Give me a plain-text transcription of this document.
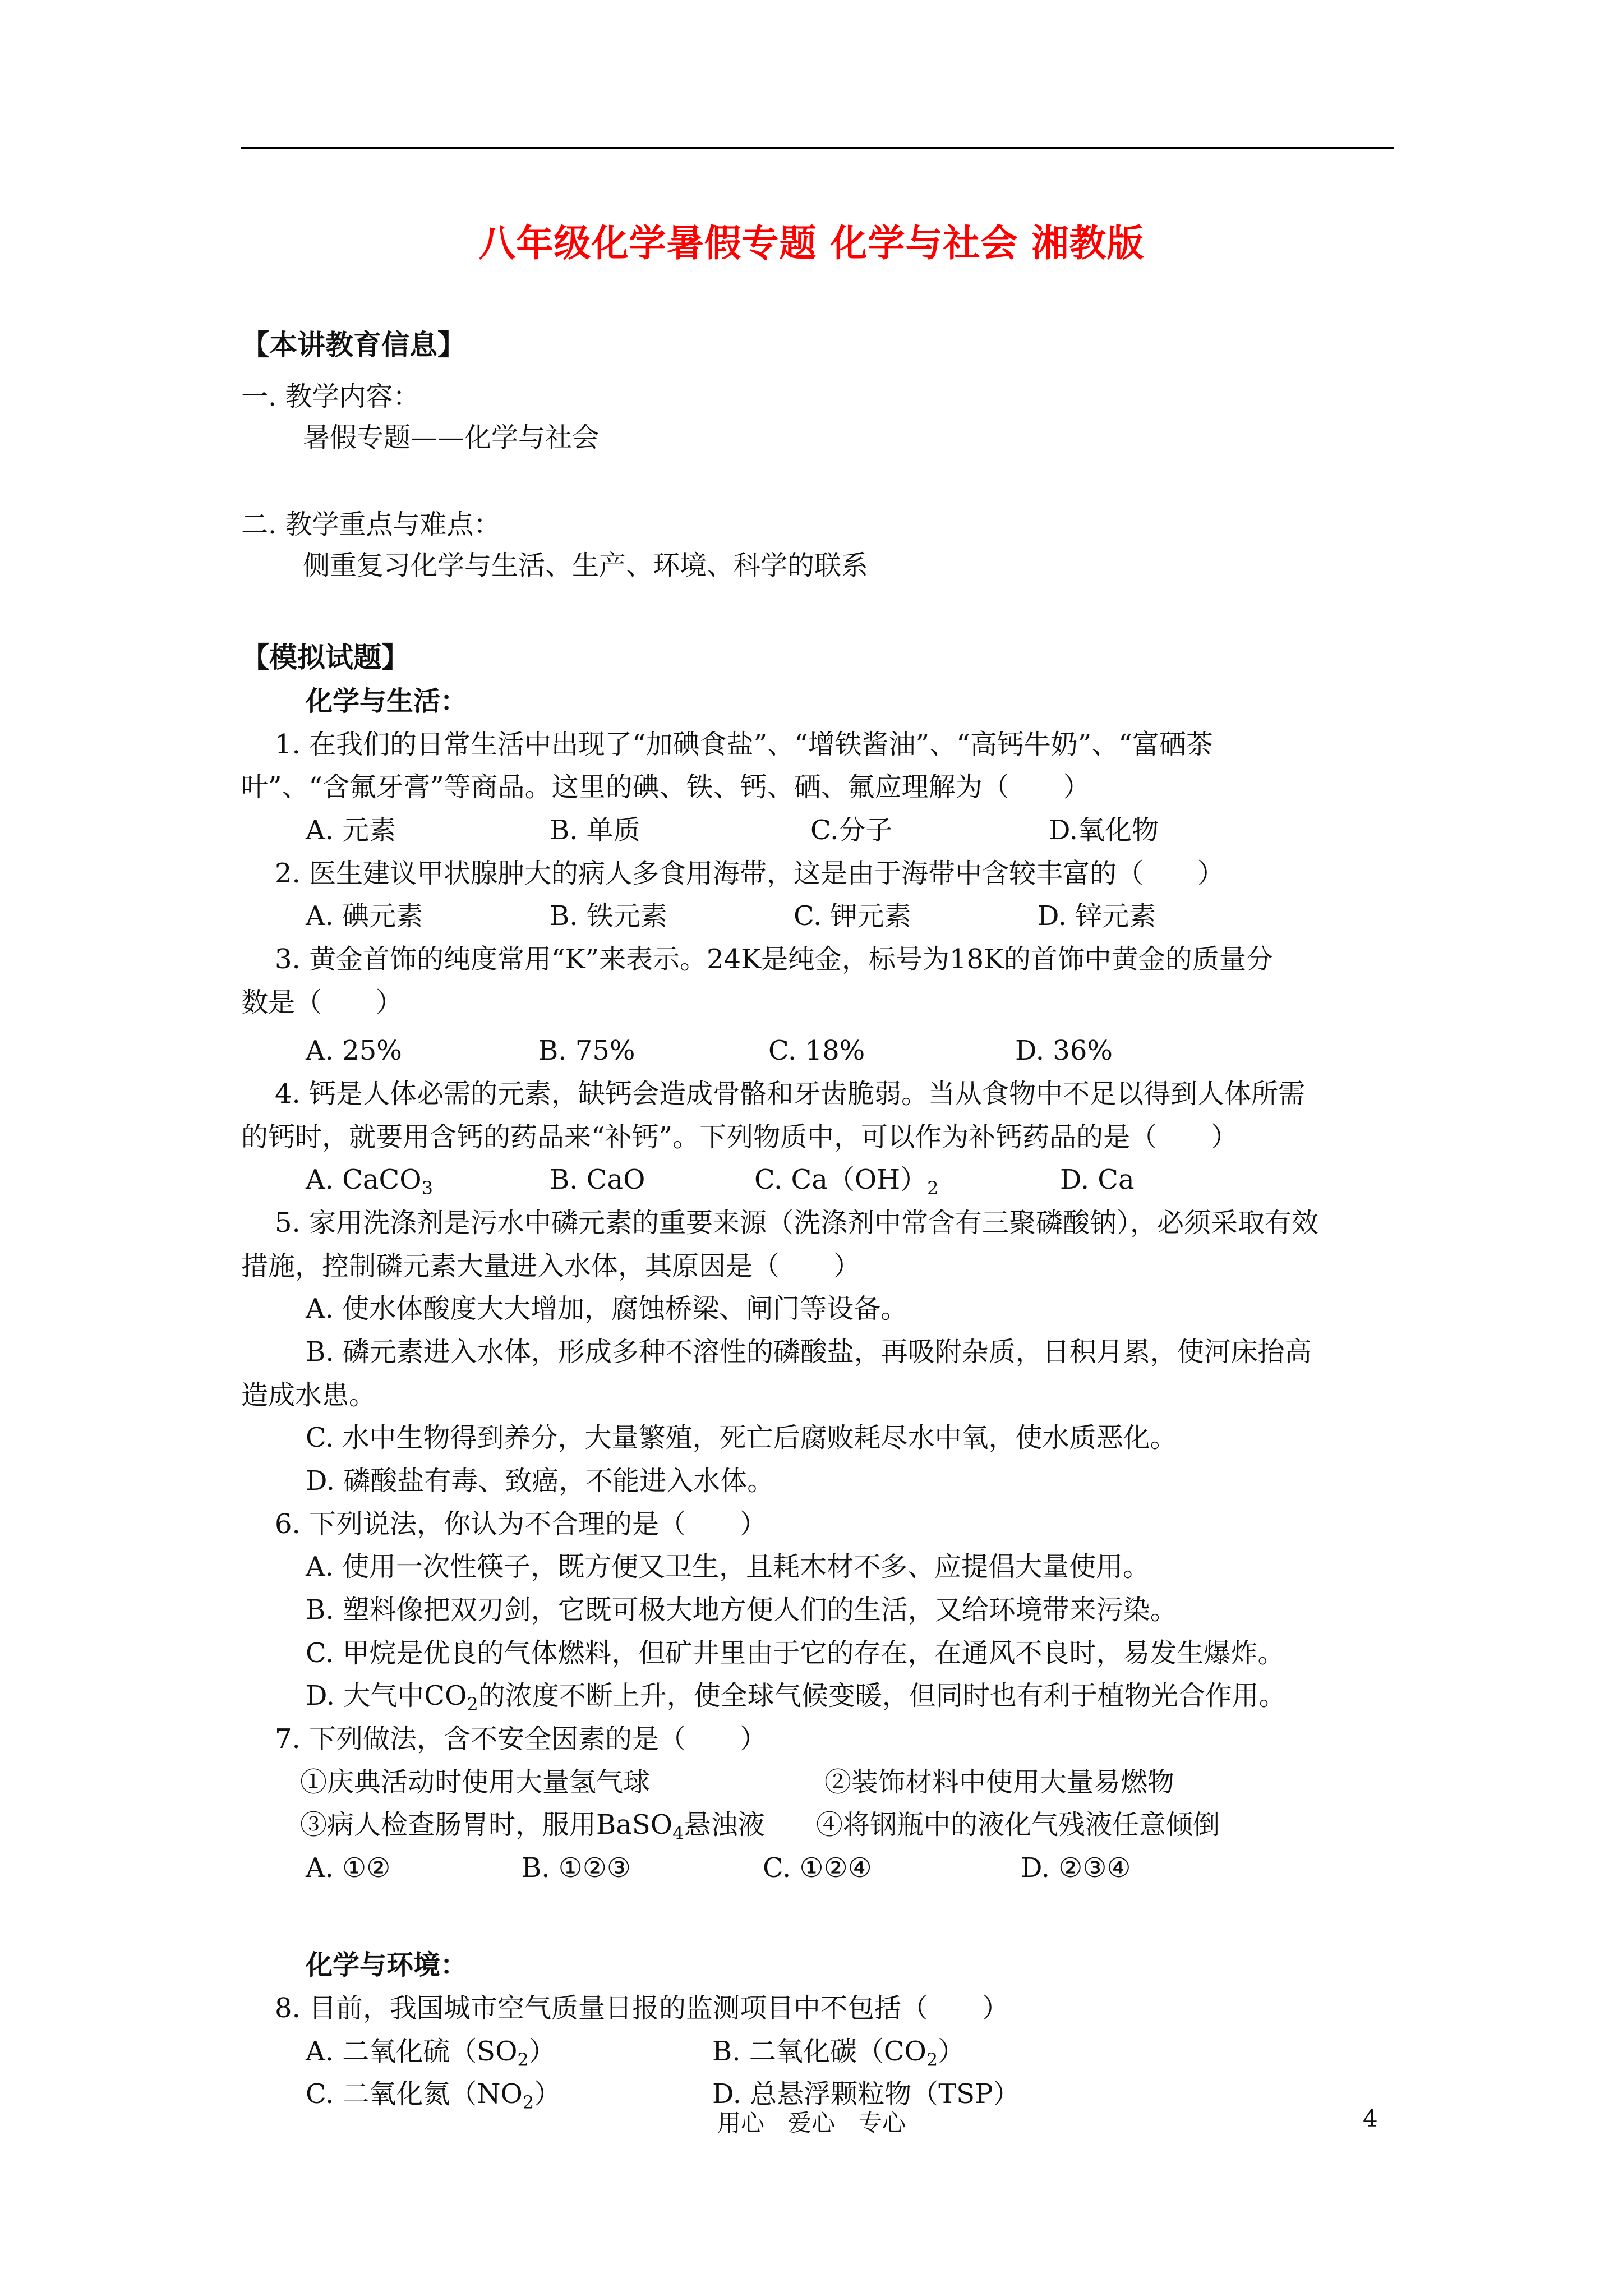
八年级化学暑假专题 化学与社会 湘教版
【本讲教育信息】
一. 教学内容：
暑假专题——化学与社会
二. 教学重点与难点：
侧重复习化学与生活、生产、环境、科学的联系
【模拟试题】
化学与生活：
1. 在我们的日常生活中出现了“加碘食盐”、“增铁酱油”、“高钙牛奶”、“富硒茶
叶”、“含氟牙膏”等商品。这里的碘、铁、钙、硒、氟应理解为（　　）
A. 元素	B. 单质	C.分子	D.氧化物
2. 医生建议甲状腺肿大的病人多食用海带，这是由于海带中含较丰富的（　　）
A. 碘元素	B. 铁元素	C. 钾元素	D. 锌元素
3. 黄金首饰的纯度常用“K”来表示。24K是纯金，标号为18K的首饰中黄金的质量分
数是（　　）
A. 25%	B. 75%	C. 18%	D. 36%
4. 钙是人体必需的元素，缺钙会造成骨骼和牙齿脆弱。当从食物中不足以得到人体所需
的钙时，就要用含钙的药品来“补钙”。下列物质中，可以作为补钙药品的是（　　）
A. CaCO$_3$	B. CaO	C. $Ca(OH)_2$	D. Ca
5. 家用洗涤剂是污水中磷元素的重要来源（洗涤剂中常含有三聚磷酸钠），必须采取有效
措施，控制磷元素大量进入水体，其原因是（　　）
A. 使水体酸度大大增加，腐蚀桥梁、闸门等设备。
B. 磷元素进入水体，形成多种不溶性的磷酸盐，再吸附杂质，日积月累，使河床抬高
造成水患。
C. 水中生物得到养分，大量繁殖，死亡后腐败耗尽水中氧，使水质恶化。
D. 磷酸盐有毒、致癌，不能进入水体。
6. 下列说法，你认为不合理的是（　　）
A. 使用一次性筷子，既方便又卫生，且耗木材不多、应提倡大量使用。
B. 塑料像把双刃剑，它既可极大地方便人们的生活，又给环境带来污染。
C. 甲烷是优良的气体燃料，但矿井里由于它的存在，在通风不良时，易发生爆炸。
D. 大气中$CO_2$的浓度不断上升，使全球气候变暖，但同时也有利于植物光合作用。
7. 下列做法，含不安全因素的是（　　）
①庆典活动时使用大量氢气球	②装饰材料中使用大量易燃物
③病人检查肠胃时，服用BaSO$_4$悬浊液 ④将钢瓶中的液化气残液任意倾倒
A. ①②	B. ①②③	C. ①②④	D. ②③④
化学与环境：
8. 目前，我国城市空气质量日报的监测项目中不包括（　　）
A. 二氧化硫$(SO_2)$	B. 二氧化碳$(CO_2)$
C. 二氧化氮$(NO_2)$	D. 总悬浮颗粒物（TSP）
用心　爱心　专心	4
